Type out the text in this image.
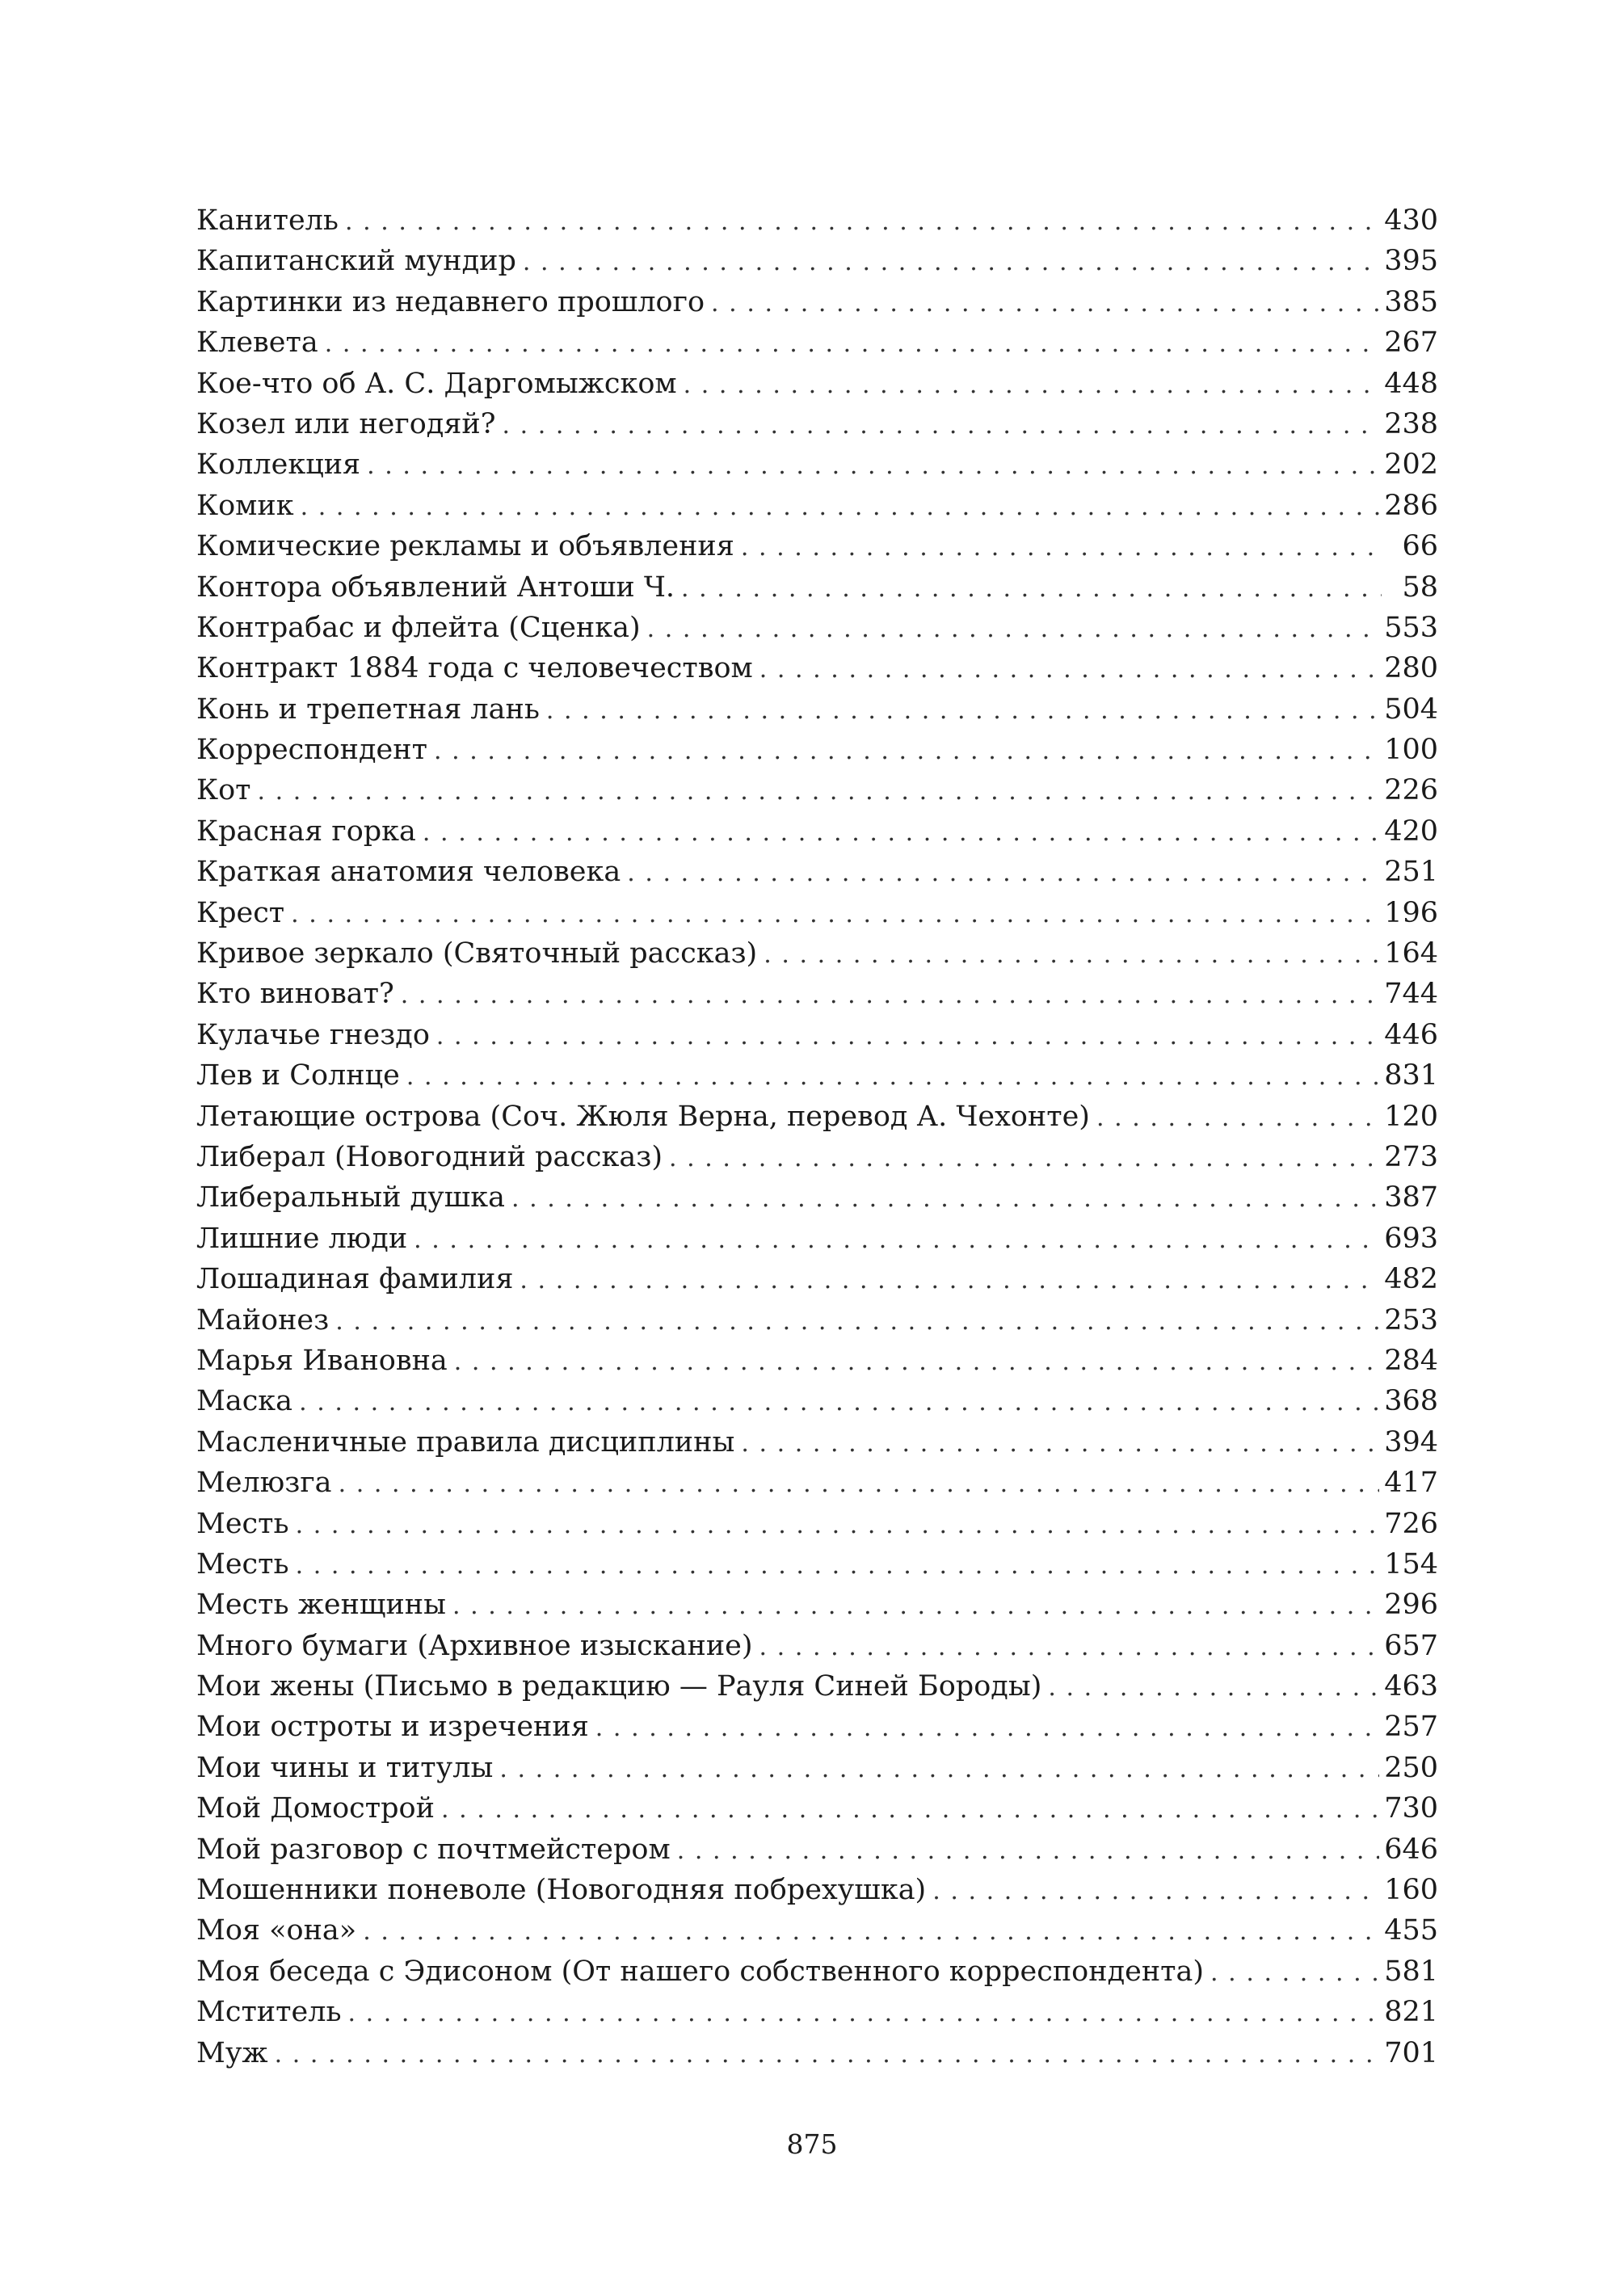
Канитель .....	430
Капитанский мундир .....	395
Картинки из недавнего прошлого .....	385
Клевета .....	267
Кое-что об А. С. Даргомыжском .....	448
Козел или негодяй? .....	238
Коллекция .....	202
Комик .....	286
Комические рекламы и объявления .....	66
Контора объявлений Антоши Ч. .....	58
Контрабас и флейта (Сценка) .....	553
Контракт 1884 года с человечеством .....	280
Конь и трепетная лань .....	504
Корреспондент .....	100
Кот .....	226
Красная горка .....	420
Краткая анатомия человека .....	251
Крест .....	196
Кривое зеркало (Святочный рассказ) .....	164
Кто виноват? .....	744
Кулачье гнездо .....	446
Лев и Солнце .....	831
Летающие острова (Соч. Жюля Верна, перевод А. Чехонте) .....	120
Либерал (Новогодний рассказ) .....	273
Либеральный душка .....	387
Лишние люди .....	693
Лошадиная фамилия .....	482
Майонез .....	253
Марья Ивановна .....	284
Маска .....	368
Масленичные правила дисциплины .....	394
Мелюзга .....	417
Месть .....	726
Месть .....	154
Месть женщины .....	296
Много бумаги (Архивное изыскание) .....	657
Мои жены (Письмо в редакцию — Рауля Синей Бороды) .....	463
Мои остроты и изречения .....	257
Мои чины и титулы .....	250
Мой Домострой .....	730
Мой разговор с почтмейстером .....	646
Мошенники поневоле (Новогодняя побрехушка) .....	160
Моя «она» .....	455
Моя беседа с Эдисоном (От нашего собственного корреспондента) .....	581
Мститель .....	821
Муж .....	701
875
